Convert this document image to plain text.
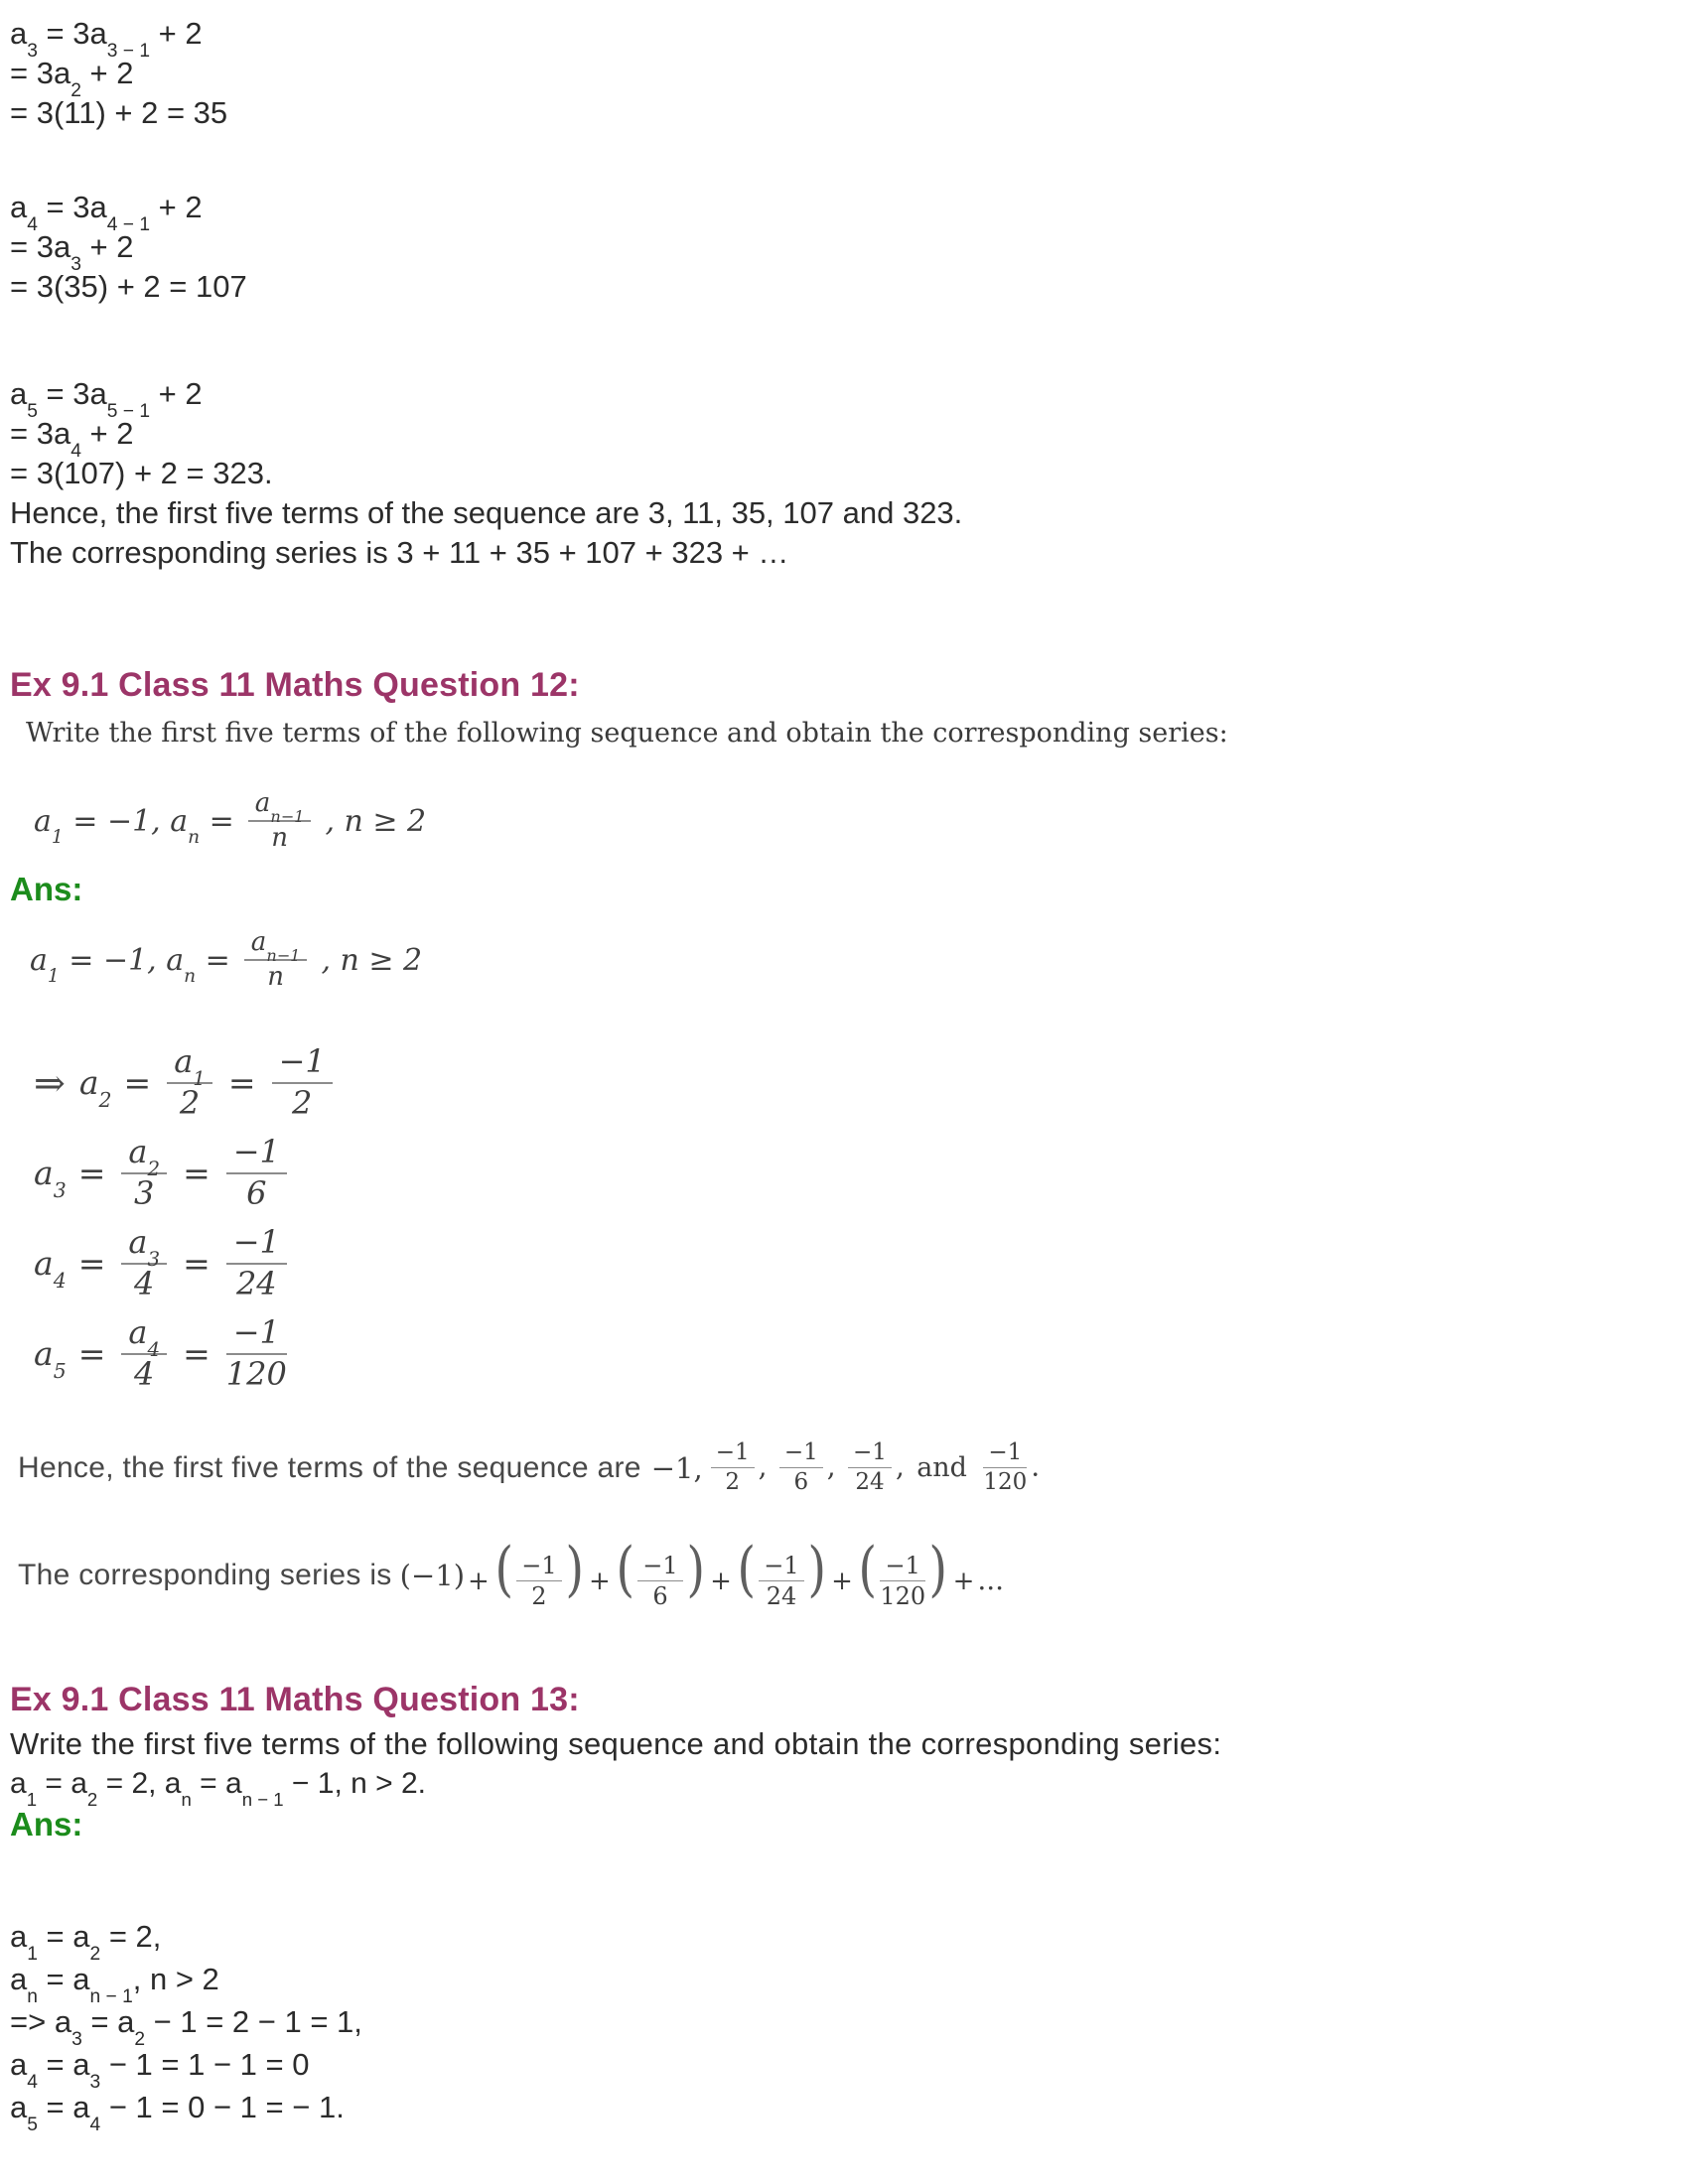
$a_3 = 3a_{3 - 1} + 2$
= $3a_2 + 2$
= 3(11) + 2 = 35
$a_4 = 3a_{4 - 1} + 2$
= $3a_3 + 2$
= 3(35) + 2 = 107
$a_5 = 3a_{5 - 1} + 2$
= $3a_4 + 2$
= 3(107) + 2 = 323.
Hence, the first five terms of the sequence are 3, 11, 35, 107 and 323.
The corresponding series is 3 + 11 + 35 + 107 + 323 + …
Ex 9.1 Class 11 Maths Question 12:
Write the first five terms of the following sequence and obtain the corresponding series:
$a_1 = -1$, $a_n = \frac{a_{n-1}}{n}$ , n ≥ 2
Ans:
$a_1 = -1$, $a_n = \frac{a_{n-1}}{n}$ , n ≥ 2
⇒ $a_2 = \frac{a_1}{2} = \frac{-1}{2}$
$a_3 = \frac{a_2}{3} = \frac{-1}{6}$
$a_4 = \frac{a_3}{4} = \frac{-1}{24}$
$a_5 = \frac{a_4}{4} = \frac{-1}{120}$
Hence, the first five terms of the sequence are −1, $\frac{-1}{2}$ , $\frac{-1}{6}$ , $\frac{-1}{24}$ , and $\frac{-1}{120}$ .
The corresponding series is (−1) +( $\frac{-1}{2}$ ) +( $\frac{-1}{6}$ ) +( $\frac{-1}{24}$ ) +( $\frac{-1}{120}$ ) + ...
Ex 9.1 Class 11 Maths Question 13:
Write the first five terms of the following sequence and obtain the corresponding series:
$a_1 = a_2 = 2$, $a_n = a_{n - 1} - 1$, n > 2.
Ans:
$a_1 = a_2 = 2$,
$a_n = a_{n - 1}$, n > 2
=> $a_3 = a_2 - 1 = 2 - 1 = 1$,
$a_4 = a_3 - 1 = 1 - 1 = 0$
$a_5 = a_4 - 1 = 0 - 1$ = − 1.
